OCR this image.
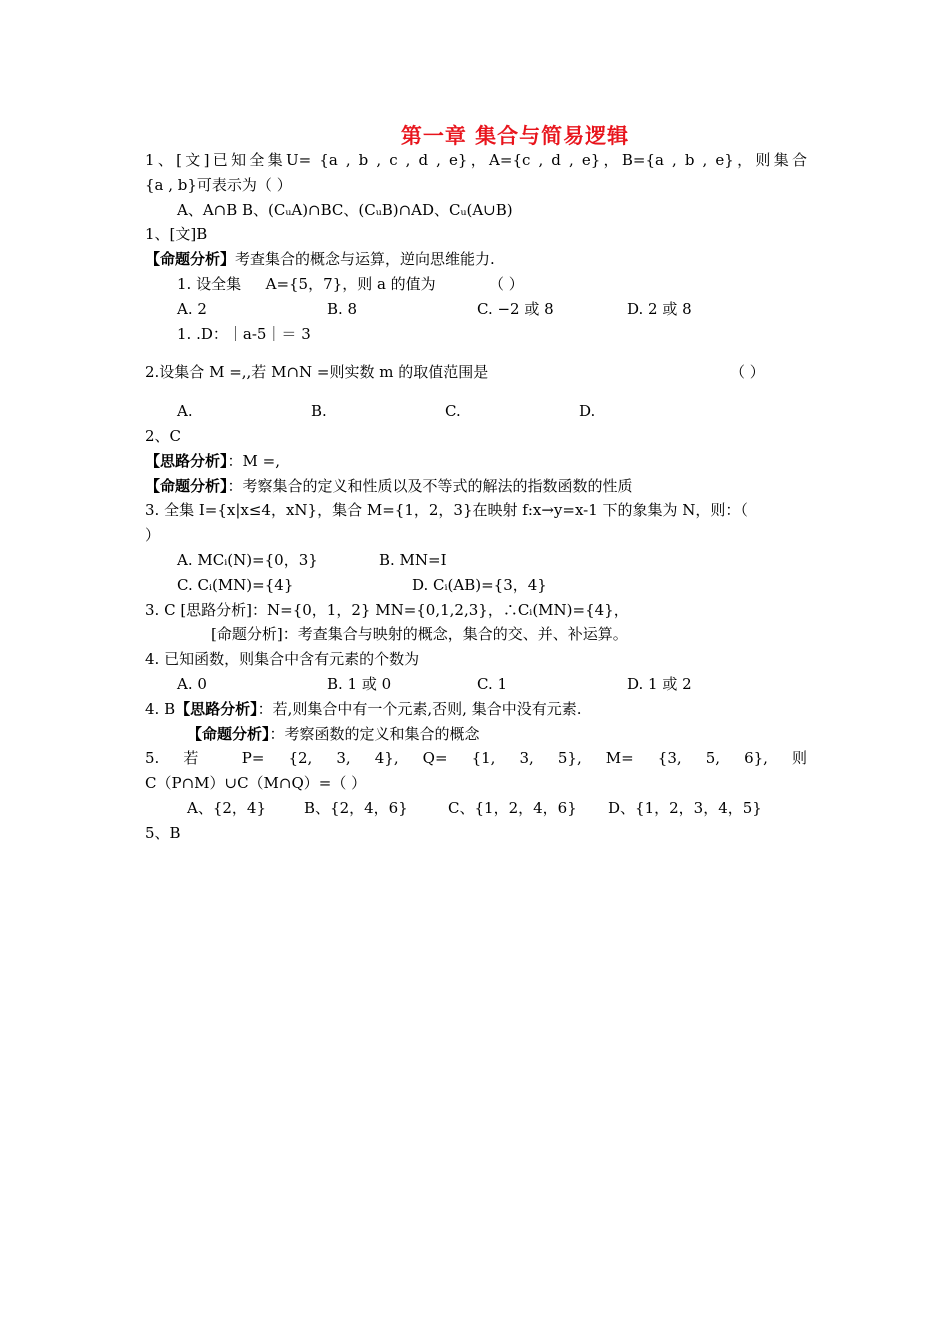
第一章 集合与简易逻辑
1、[文]已知全集U= {a , b , c , d , e}，A={c , d , e}，B={a , b , e}，则集合
{a , b}可表示为（ ）
A、A∩B B、(CᵤA)∩BC、(CᵤB)∩AD、Cᵤ(A∪B)
1、[文]B
【命题分析】考查集合的概念与运算，逆向思维能力.
1. 设全集   A={5，7}，则 a 的值为	（ ）
A. 2	B. 8	C. −2 或 8	D. 2 或 8
1. .D：｜a-5｜＝ 3
2.设集合 M =,,若 M∩N =则实数 m 的取值范围是	（ ）
A.	B.	C.	D.
2、C
【思路分析】：M =,
【命题分析】：考察集合的定义和性质以及不等式的解法的指数函数的性质
3. 全集 I={x|x≤4，xN}，集合 M={1，2，3}在映射 f:x→y=x-1 下的象集为 N，则：（
）
A. MCᵢ(N)={0，3}	B. MN=I
C. Cᵢ(MN)={4}	D. Cᵢ(AB)={3，4}
3. C [思路分析]：N={0，1，2} MN={0,1,2,3}，∴Cᵢ(MN)={4}，
[命题分析]：考查集合与映射的概念，集合的交、并、补运算。
4. 已知函数，则集合中含有元素的个数为
A. 0	B. 1 或 0	C. 1	D. 1 或 2
4. B【思路分析】：若,则集合中有一个元素,否则, 集合中没有元素.
【命题分析】：考察函数的定义和集合的概念
5. 若 P= {2, 3, 4}, Q= {1, 3, 5}, M= {3, 5, 6}, 则
C（P∩M）∪C（M∩Q）=（ ）
A、{2，4}	B、{2，4，6}	C、{1，2，4，6}	D、{1，2，3，4，5}
5、B
